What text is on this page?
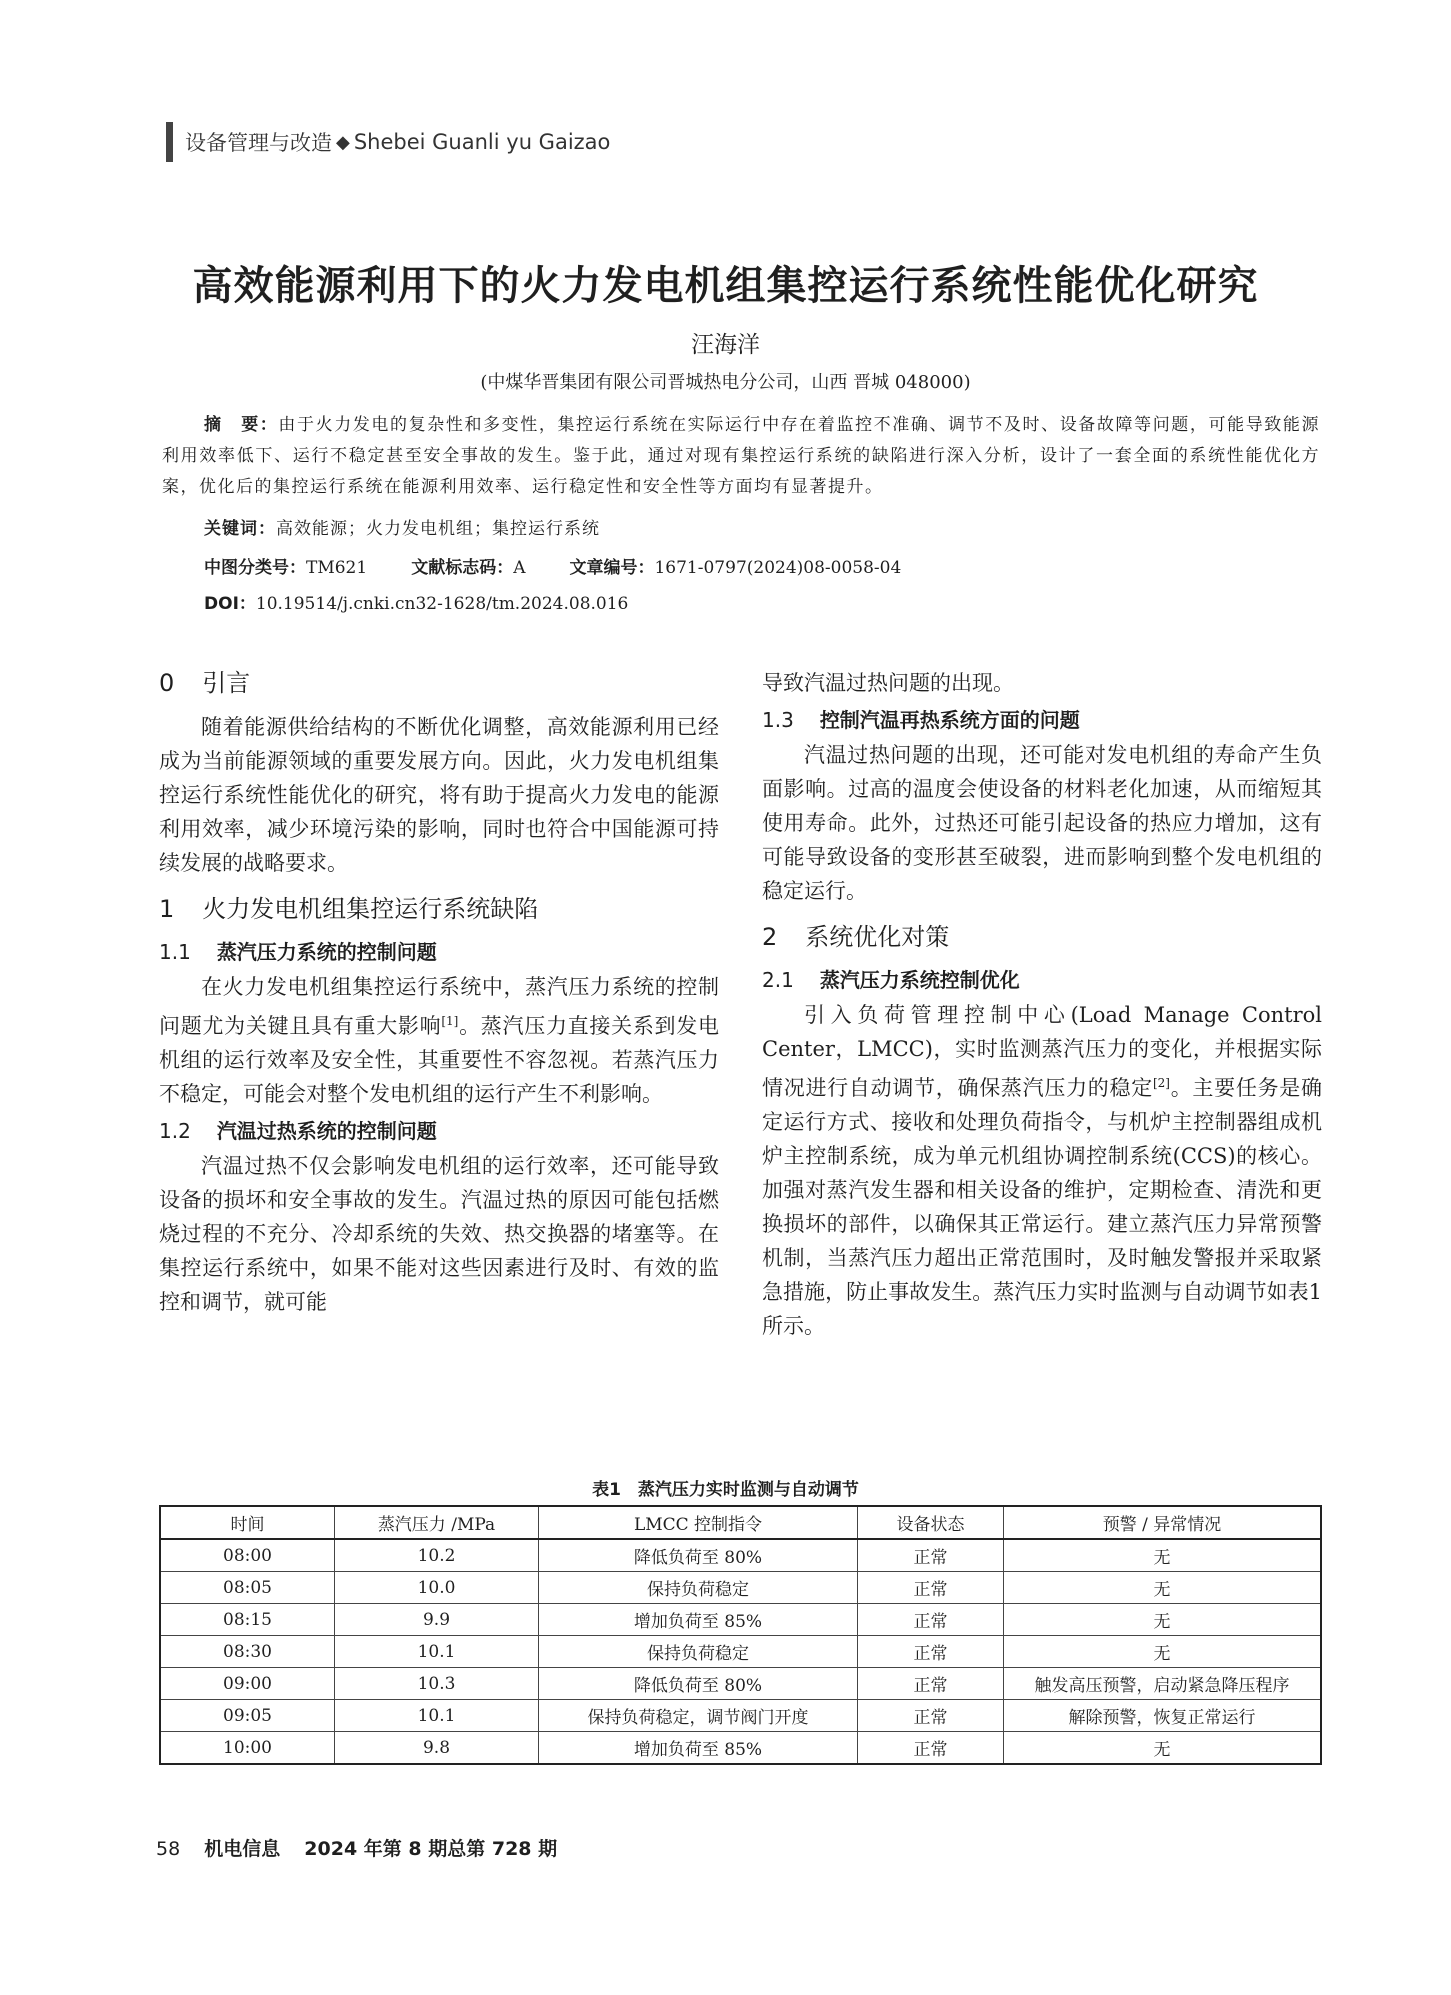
设备管理与改造 ◆ Shebei Guanli yu Gaizao
高效能源利用下的火力发电机组集控运行系统性能优化研究
汪海洋
(中煤华晋集团有限公司晋城热电分公司，山西 晋城 048000)

摘　要：由于火力发电的复杂性和多变性，集控运行系统在实际运行中存在着监控不准确、调节不及时、设备故障等问题，可能导致能源利用效率低下、运行不稳定甚至安全事故的发生。鉴于此，通过对现有集控运行系统的缺陷进行深入分析，设计了一套全面的系统性能优化方案，优化后的集控运行系统在能源利用效率、运行稳定性和安全性等方面均有显著提升。

关键词：高效能源；火力发电机组；集控运行系统
中图分类号：TM621	文献标志码：A	文章编号：1671-0797(2024)08-0058-04
DOI：10.19514/j.cnki.cn32-1628/tm.2024.08.016
0 引言

随着能源供给结构的不断优化调整，高效能源利用已经成为当前能源领域的重要发展方向。因此，火力发电机组集控运行系统性能优化的研究，将有助于提高火力发电的能源利用效率，减少环境污染的影响，同时也符合中国能源可持续发展的战略要求。

1 火力发电机组集控运行系统缺陷
1.1 蒸汽压力系统的控制问题

在火力发电机组集控运行系统中，蒸汽压力系统的控制问题尤为关键且具有重大影响[1]。蒸汽压力直接关系到发电机组的运行效率及安全性，其重要性不容忽视。若蒸汽压力不稳定，可能会对整个发电机组的运行产生不利影响。

1.2 汽温过热系统的控制问题

汽温过热不仅会影响发电机组的运行效率，还可能导致设备的损坏和安全事故的发生。汽温过热的原因可能包括燃烧过程的不充分、冷却系统的失效、热交换器的堵塞等。在集控运行系统中，如果不能对这些因素进行及时、有效的监控和调节，就可能

导致汽温过热问题的出现。

1.3 控制汽温再热系统方面的问题

汽温过热问题的出现，还可能对发电机组的寿命产生负面影响。过高的温度会使设备的材料老化加速，从而缩短其使用寿命。此外，过热还可能引起设备的热应力增加，这有可能导致设备的变形甚至破裂，进而影响到整个发电机组的稳定运行。

2 系统优化对策
2.1 蒸汽压力系统控制优化

引入负荷管理控制中心(Load Manage Control Center，LMCC)，实时监测蒸汽压力的变化，并根据实际情况进行自动调节，确保蒸汽压力的稳定[2]。主要任务是确定运行方式、接收和处理负荷指令，与机炉主控制器组成机炉主控制系统，成为单元机组协调控制系统(CCS)的核心。加强对蒸汽发生器和相关设备的维护，定期检查、清洗和更换损坏的部件，以确保其正常运行。建立蒸汽压力异常预警机制，当蒸汽压力超出正常范围时，及时触发警报并采取紧急措施，防止事故发生。蒸汽压力实时监测与自动调节如表1所示。

表1　蒸汽压力实时监测与自动调节
时间	蒸汽压力 /MPa	LMCC 控制指令	设备状态	预警 / 异常情况
08:00	10.2	降低负荷至 80%	正常	无
08:05	10.0	保持负荷稳定	正常	无
08:15	9.9	增加负荷至 85%	正常	无
08:30	10.1	保持负荷稳定	正常	无
09:00	10.3	降低负荷至 80%	正常	触发高压预警，启动紧急降压程序
09:05	10.1	保持负荷稳定，调节阀门开度	正常	解除预警，恢复正常运行
10:00	9.8	增加负荷至 85%	正常	无
58 机电信息 2024 年第 8 期总第 728 期
